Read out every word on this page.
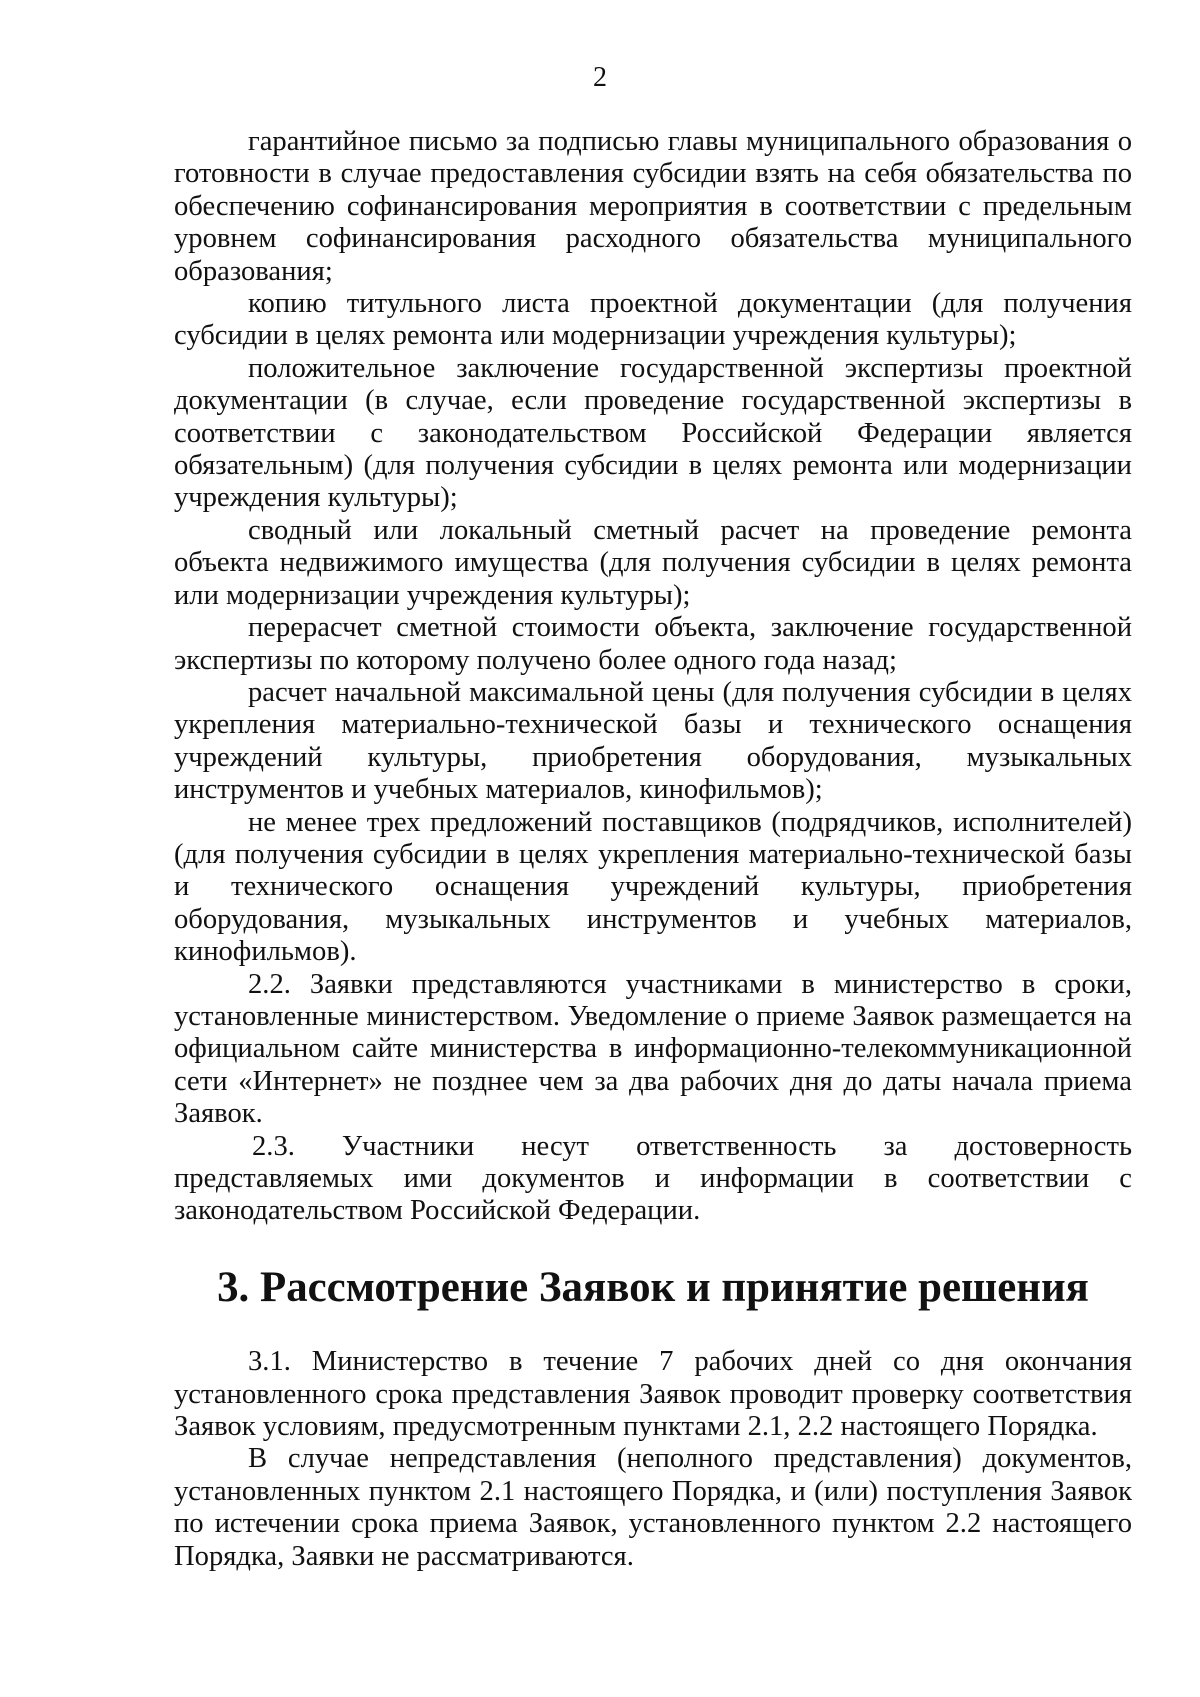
2

гарантийное письмо за подписью главы муниципального образования о готовности в случае предоставления субсидии взять на себя обязательства по обеспечению софинансирования мероприятия в соответствии с предельным уровнем софинансирования расходного обязательства муниципального образования;

копию титульного листа проектной документации (для получения субсидии в целях ремонта или модернизации учреждения культуры);

положительное заключение государственной экспертизы проектной документации (в случае, если проведение государственной экспертизы в соответствии с законодательством Российской Федерации является обязательным) (для получения субсидии в целях ремонта или модернизации учреждения культуры);

сводный или локальный сметный расчет на проведение ремонта объекта недвижимого имущества (для получения субсидии в целях ремонта или модернизации учреждения культуры);

перерасчет сметной стоимости объекта, заключение государственной экспертизы по которому получено более одного года назад;

расчет начальной максимальной цены (для получения субсидии в целях укрепления материально-технической базы и технического оснащения учреждений культуры, приобретения оборудования, музыкальных инструментов и учебных материалов, кинофильмов);

не менее трех предложений поставщиков (подрядчиков, исполнителей) (для получения субсидии в целях укрепления материально-технической базы и технического оснащения учреждений культуры, приобретения оборудования, музыкальных инструментов и учебных материалов, кинофильмов).

2.2. Заявки представляются участниками в министерство в сроки, установленные министерством. Уведомление о приеме Заявок размещается на официальном сайте министерства в информационно-телекоммуникационной сети «Интернет» не позднее чем за два рабочих дня до даты начала приема Заявок.

2.3. Участники несут ответственность за достоверность представляемых ими документов и информации в соответствии с законодательством Российской Федерации.

3. Рассмотрение Заявок и принятие решения

3.1. Министерство в течение 7 рабочих дней со дня окончания установленного срока представления Заявок проводит проверку соответствия Заявок условиям, предусмотренным пунктами 2.1, 2.2 настоящего Порядка.

В случае непредставления (неполного представления) документов, установленных пунктом 2.1 настоящего Порядка, и (или) поступления Заявок по истечении срока приема Заявок, установленного пунктом 2.2 настоящего Порядка, Заявки не рассматриваются.
